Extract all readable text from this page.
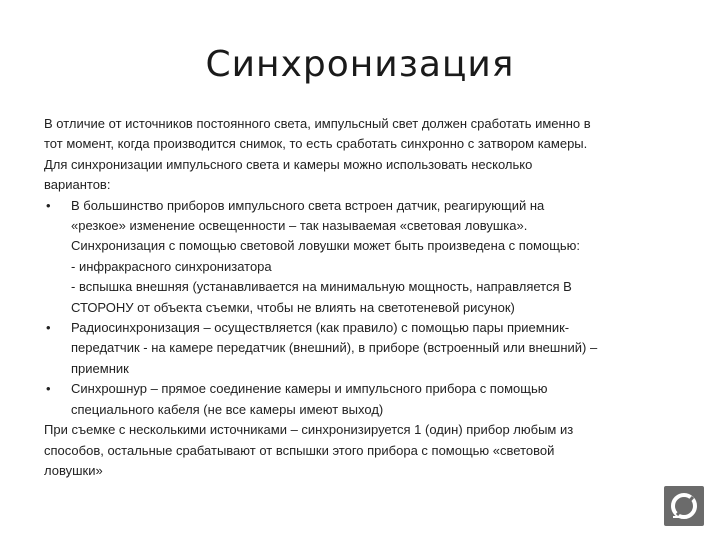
Синхронизация
В отличие от источников постоянного света, импульсный свет должен сработать именно в
тот момент, когда производится снимок, то есть сработать синхронно с затвором камеры.
Для синхронизации импульсного света и камеры можно использовать несколько
вариантов:
•	В большинство приборов импульсного света встроен датчик, реагирующий на
«резкое» изменение освещенности – так называемая «световая ловушка».
Синхронизация с помощью световой ловушки может быть произведена с помощью:
- инфракрасного синхронизатора
- вспышка внешняя (устанавливается на минимальную мощность, направляется В
СТОРОНУ от объекта съемки, чтобы не влиять на светотеневой рисунок)
•	Радиосинхронизация – осуществляется (как правило) с помощью пары приемник-
передатчик - на камере передатчик (внешний), в приборе (встроенный или внешний) –
приемник
•	Синхрошнур – прямое соединение камеры и импульсного прибора с помощью
специального кабеля (не все камеры имеют выход)
При съемке с несколькими источниками – синхронизируется 1 (один) прибор любым из
способов, остальные срабатывают от вспышки этого прибора с помощью «световой
ловушки»
